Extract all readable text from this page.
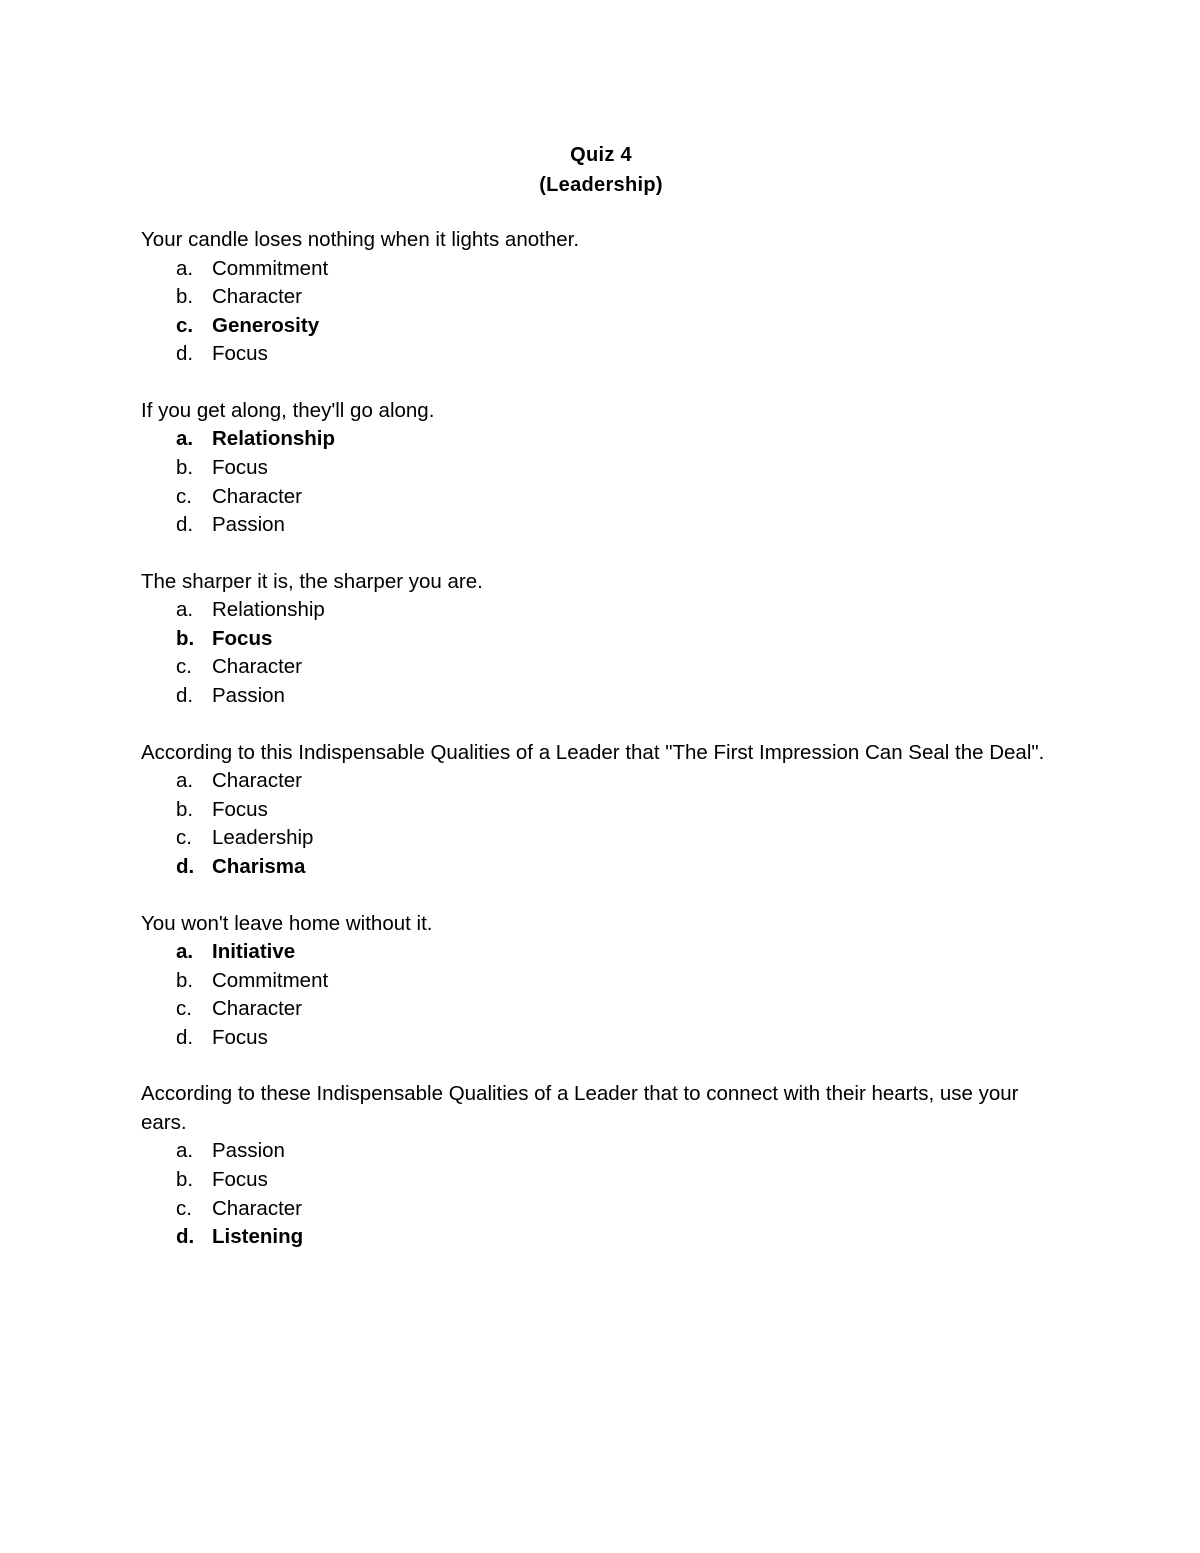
Quiz 4
(Leadership)

Your candle loses nothing when it lights another.

a. Commitment
b. Character
c. Generosity
d. Focus

If you get along, they'll go along.

a. Relationship
b. Focus
c. Character
d. Passion

The sharper it is, the sharper you are.

a. Relationship
b. Focus
c. Character
d. Passion

According to this Indispensable Qualities of a Leader that "The First Impression Can Seal the Deal".

a. Character
b. Focus
c. Leadership
d. Charisma

You won't leave home without it.

a. Initiative
b. Commitment
c. Character
d. Focus

According to these Indispensable Qualities of a Leader that to connect with their hearts, use your ears.

a. Passion
b. Focus
c. Character
d. Listening
